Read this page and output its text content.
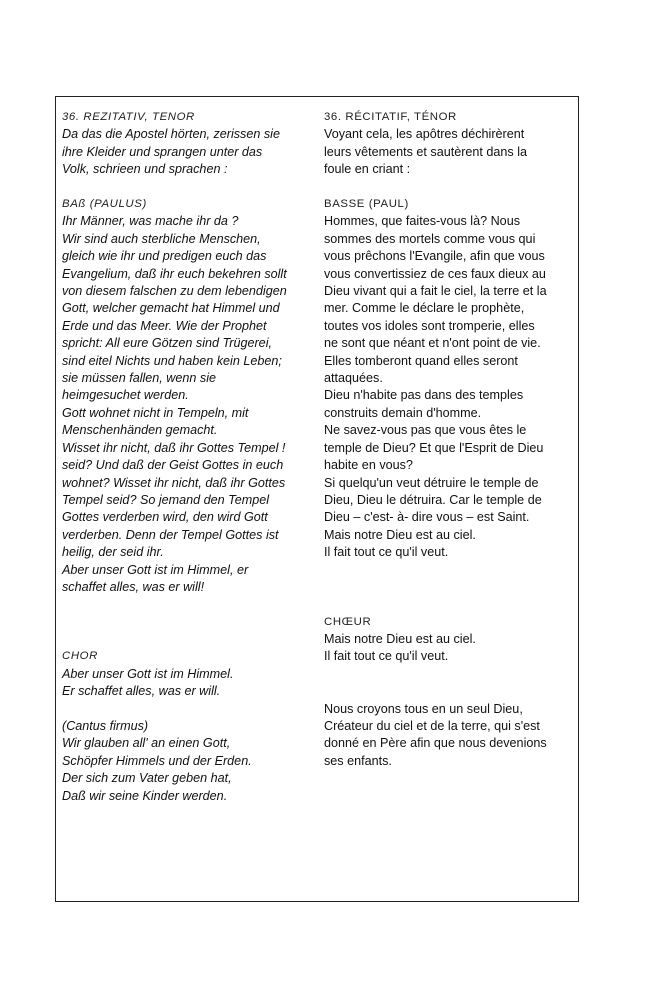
36. REZITATIV, TENOR
Da das die Apostel hörten, zerissen sie
ihre Kleider und sprangen unter das
Volk, schrieen und sprachen :
BAß (PAULUS)
Ihr Männer, was mache ihr da ?
Wir sind auch sterbliche Menschen,
gleich wie ihr und predigen euch das
Evangelium, daß ihr euch bekehren sollt
von diesem falschen zu dem lebendigen
Gott, welcher gemacht hat Himmel und
Erde und das Meer. Wie der Prophet
spricht: All eure Götzen sind Trügerei,
sind eitel Nichts und haben kein Leben;
sie müssen fallen, wenn sie
heimgesuchet werden.
Gott wohnet nicht in Tempeln, mit
Menschenhänden gemacht.
Wisset ihr nicht, daß ihr Gottes Tempel !
seid? Und daß der Geist Gottes in euch
wohnet? Wisset ihr nicht, daß ihr Gottes
Tempel seid? So jemand den Tempel
Gottes verderben wird, den wird Gott
verderben. Denn der Tempel Gottes ist
heilig, der seid ihr.
Aber unser Gott ist im Himmel, er
schaffet alles, was er will!
CHOR
Aber unser Gott ist im Himmel.
Er schaffet alles, was er will.
(Cantus firmus)
Wir glauben all' an einen Gott,
Schöpfer Himmels und der Erden.
Der sich zum Vater geben hat,
Daß wir seine Kinder werden.
36. RÉCITATIF, TÉNOR
Voyant cela, les apôtres déchirèrent
leurs vêtements et sautèrent dans la
foule en criant :
BASSE (PAUL)
Hommes, que faites-vous là? Nous
sommes des mortels comme vous qui
vous prêchons l'Evangile, afin que vous
vous convertissiez de ces faux dieux au
Dieu vivant qui a fait le ciel, la terre et la
mer. Comme le déclare le prophète,
toutes vos idoles sont tromperie, elles
ne sont que néant et n'ont point de vie.
Elles tomberont quand elles seront
attaquées.
Dieu n'habite pas dans des temples
construits demain d'homme.
Ne savez-vous pas que vous êtes le
temple de Dieu? Et que l'Esprit de Dieu
habite en vous?
Si quelqu'un veut détruire le temple de
Dieu, Dieu le détruira. Car le temple de
Dieu – c'est- à- dire vous – est Saint.
Mais notre Dieu est au ciel.
Il fait tout ce qu'il veut.
CHŒUR
Mais notre Dieu est au ciel.
Il fait tout ce qu'il veut.
Nous croyons tous en un seul Dieu,
Créateur du ciel et de la terre, qui s'est
donné en Père afin que nous devenions
ses enfants.
